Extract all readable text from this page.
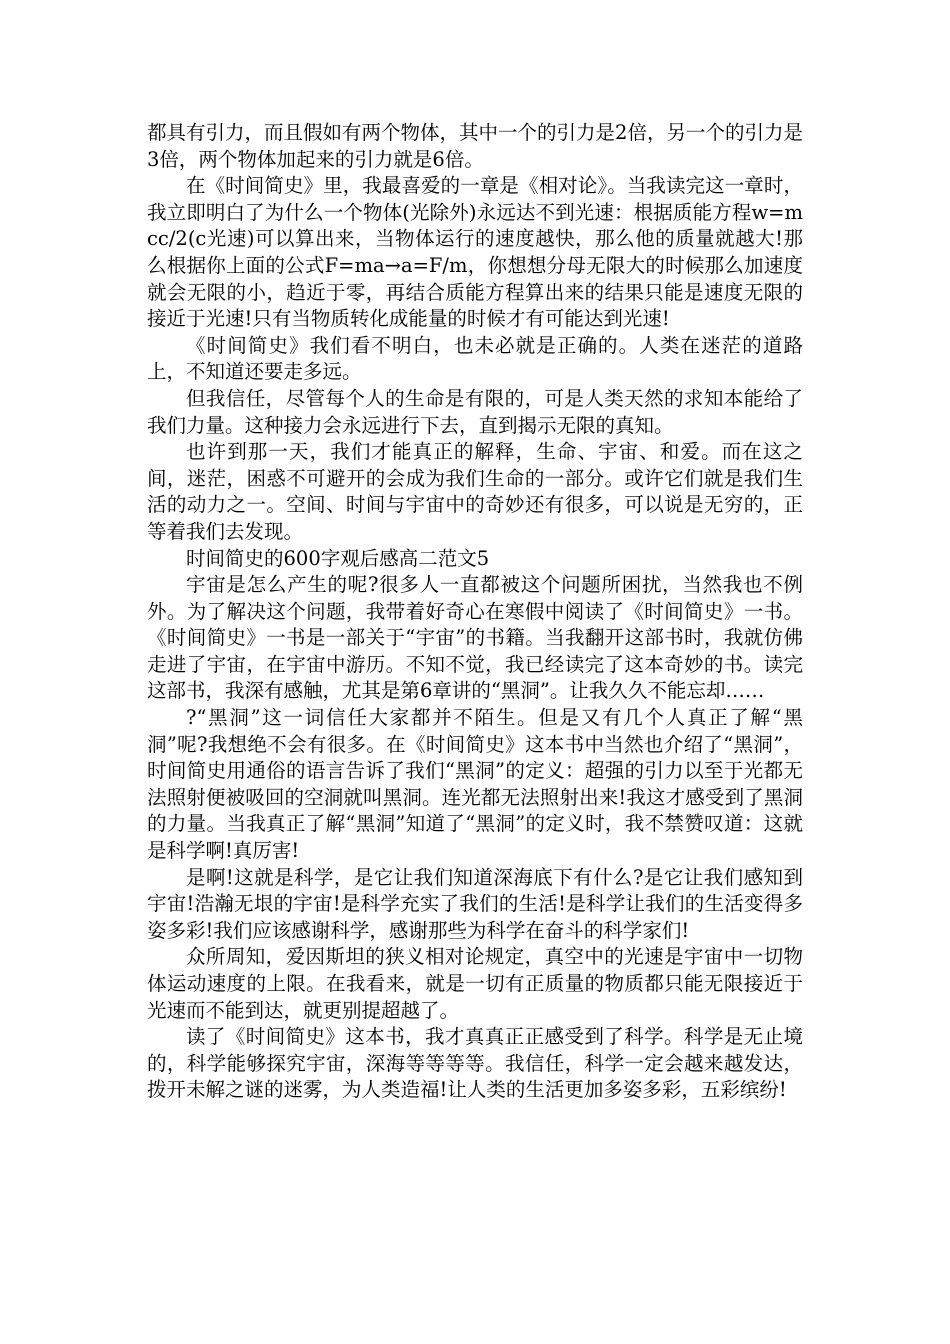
都具有引力，而且假如有两个物体，其中一个的引力是2倍，另一个的引力是3倍，两个物体加起来的引力就是6倍。

在《时间简史》里，我最喜爱的一章是《相对论》。当我读完这一章时，我立即明白了为什么一个物体(光除外)永远达不到光速：根据质能方程w=mcc/2(c光速)可以算出来，当物体运行的速度越快，那么他的质量就越大!那么根据你上面的公式F=ma→a=F/m，你想想分母无限大的时候那么加速度就会无限的小，趋近于零，再结合质能方程算出来的结果只能是速度无限的接近于光速!只有当物质转化成能量的时候才有可能达到光速!

《时间简史》我们看不明白，也未必就是正确的。人类在迷茫的道路上，不知道还要走多远。

但我信任，尽管每个人的生命是有限的，可是人类天然的求知本能给了我们力量。这种接力会永远进行下去，直到揭示无限的真知。

也许到那一天，我们才能真正的解释，生命、宇宙、和爱。而在这之间，迷茫，困惑不可避开的会成为我们生命的一部分。或许它们就是我们生活的动力之一。空间、时间与宇宙中的奇妙还有很多，可以说是无穷的，正等着我们去发现。

时间简史的600字观后感高二范文5

宇宙是怎么产生的呢?很多人一直都被这个问题所困扰，当然我也不例外。为了解决这个问题，我带着好奇心在寒假中阅读了《时间简史》一书。《时间简史》一书是一部关于“宇宙”的书籍。当我翻开这部书时，我就仿佛走进了宇宙，在宇宙中游历。不知不觉，我已经读完了这本奇妙的书。读完这部书，我深有感触，尤其是第6章讲的“黑洞”。让我久久不能忘却……

?“黑洞”这一词信任大家都并不陌生。但是又有几个人真正了解“黑洞”呢?我想绝不会有很多。在《时间简史》这本书中当然也介绍了“黑洞”，时间简史用通俗的语言告诉了我们“黑洞”的定义：超强的引力以至于光都无法照射便被吸回的空洞就叫黑洞。连光都无法照射出来!我这才感受到了黑洞的力量。当我真正了解“黑洞”知道了“黑洞”的定义时，我不禁赞叹道：这就是科学啊!真厉害!

是啊!这就是科学，是它让我们知道深海底下有什么?是它让我们感知到宇宙!浩瀚无垠的宇宙!是科学充实了我们的生活!是科学让我们的生活变得多姿多彩!我们应该感谢科学，感谢那些为科学在奋斗的科学家们!

众所周知，爱因斯坦的狭义相对论规定，真空中的光速是宇宙中一切物体运动速度的上限。在我看来，就是一切有正质量的物质都只能无限接近于光速而不能到达，就更别提超越了。

读了《时间简史》这本书，我才真真正正感受到了科学。科学是无止境的，科学能够探究宇宙，深海等等等等。我信任，科学一定会越来越发达，拨开未解之谜的迷雾，为人类造福!让人类的生活更加多姿多彩，五彩缤纷!
